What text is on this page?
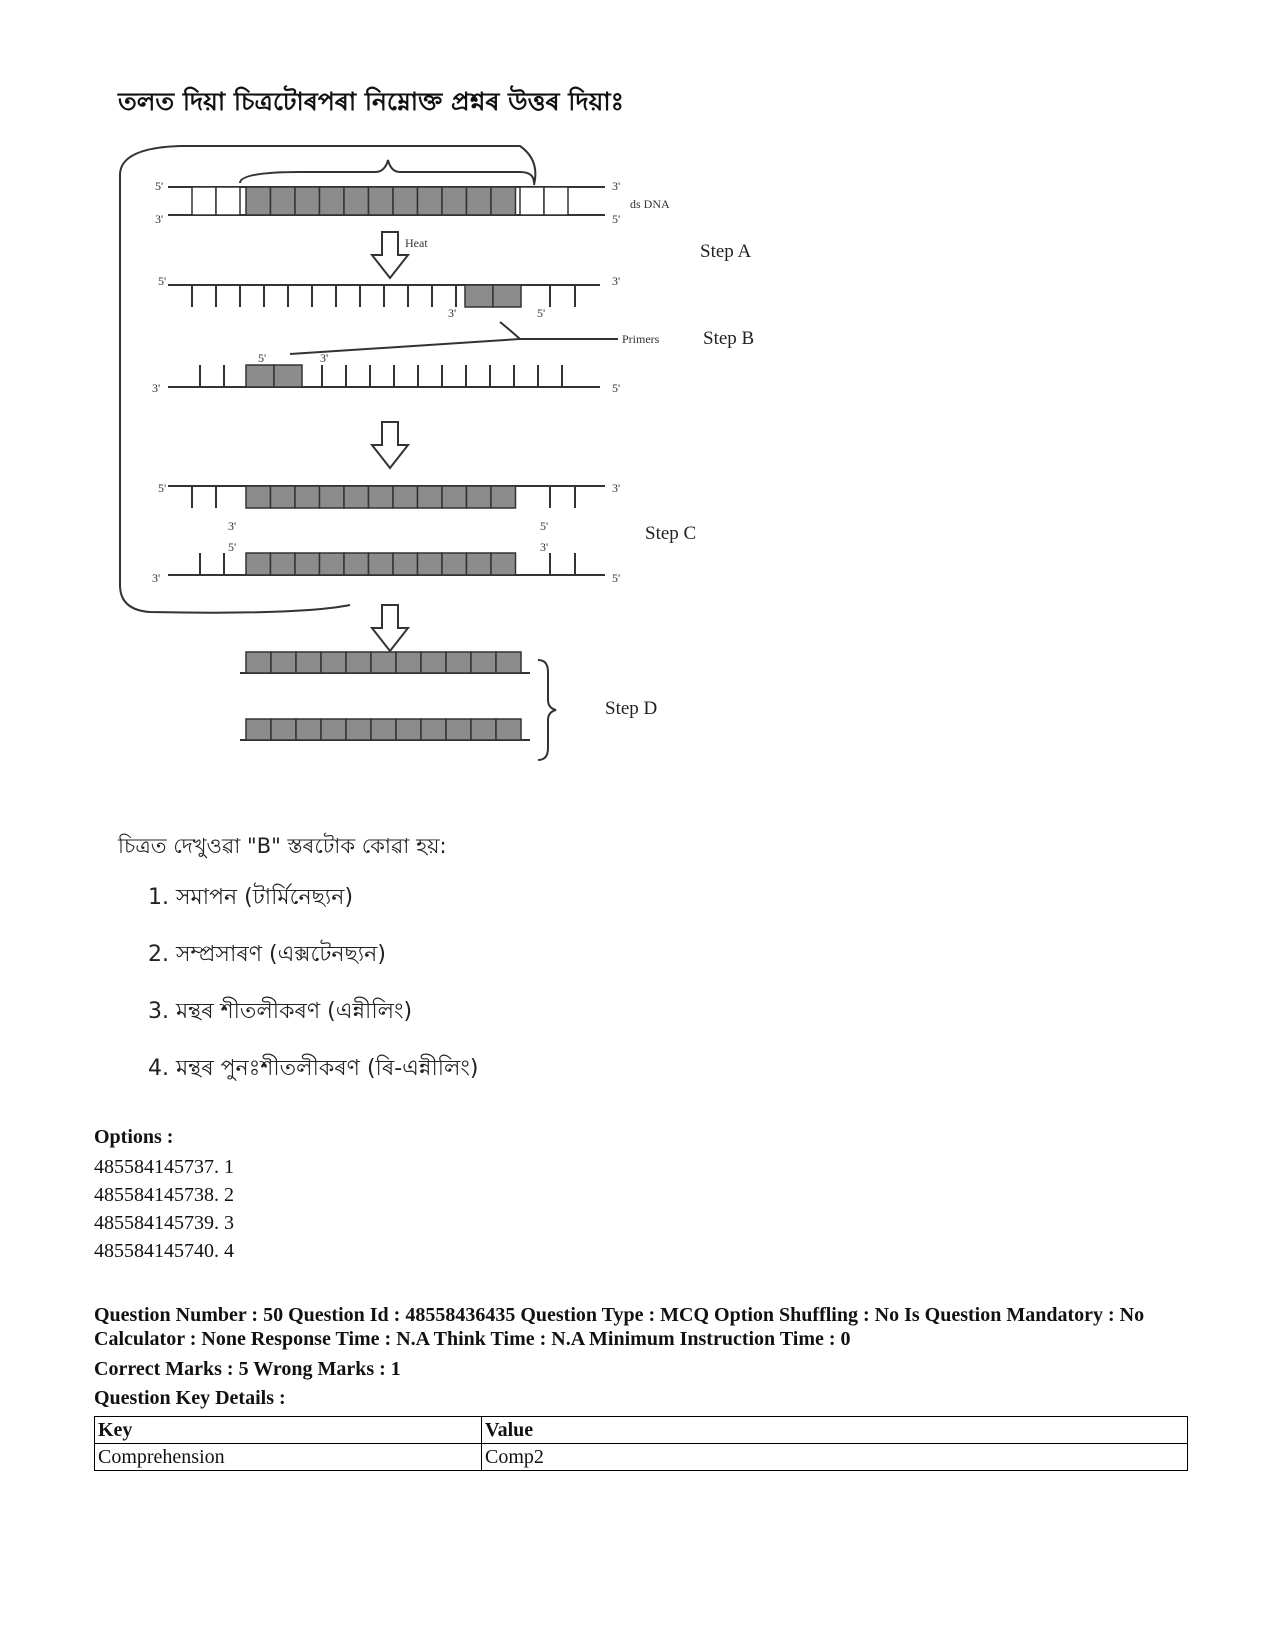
তলত দিয়া চিত্ৰটোৰপৰা নিম্নোক্ত প্ৰশ্নৰ উত্তৰ দিয়াঃ
5'	3'
ds DNA
3'	5'
Heat	Step A
5'	3'
3'	5'
Primers Step B
5'	3'
3'	5'
5'	3'
3'	5'	Step C
5'	3'
3'	5'
Step D
চিত্ৰত দেখুওৱা "B" স্তৰটোক কোৱা হয়:
1. সমাপন (টাৰ্মিনেছ্যন)
2. সম্প্ৰসাৰণ (এক্সটেনছ্যন)
3. মন্থৰ শীতলীকৰণ (এন্নীলিং)
4. মন্থৰ পুনঃশীতলীকৰণ (ৰি-এন্নীলিং)
Options :
485584145737. 1
485584145738. 2
485584145739. 3
485584145740. 4
Question Number : 50 Question Id : 48558436435 Question Type : MCQ Option Shuffling : No Is Question Mandatory : No Calculator : None Response Time : N.A Think Time : N.A Minimum Instruction Time : 0
Correct Marks : 5 Wrong Marks : 1
Question Key Details :
Key	Value
Comprehension	Comp2
